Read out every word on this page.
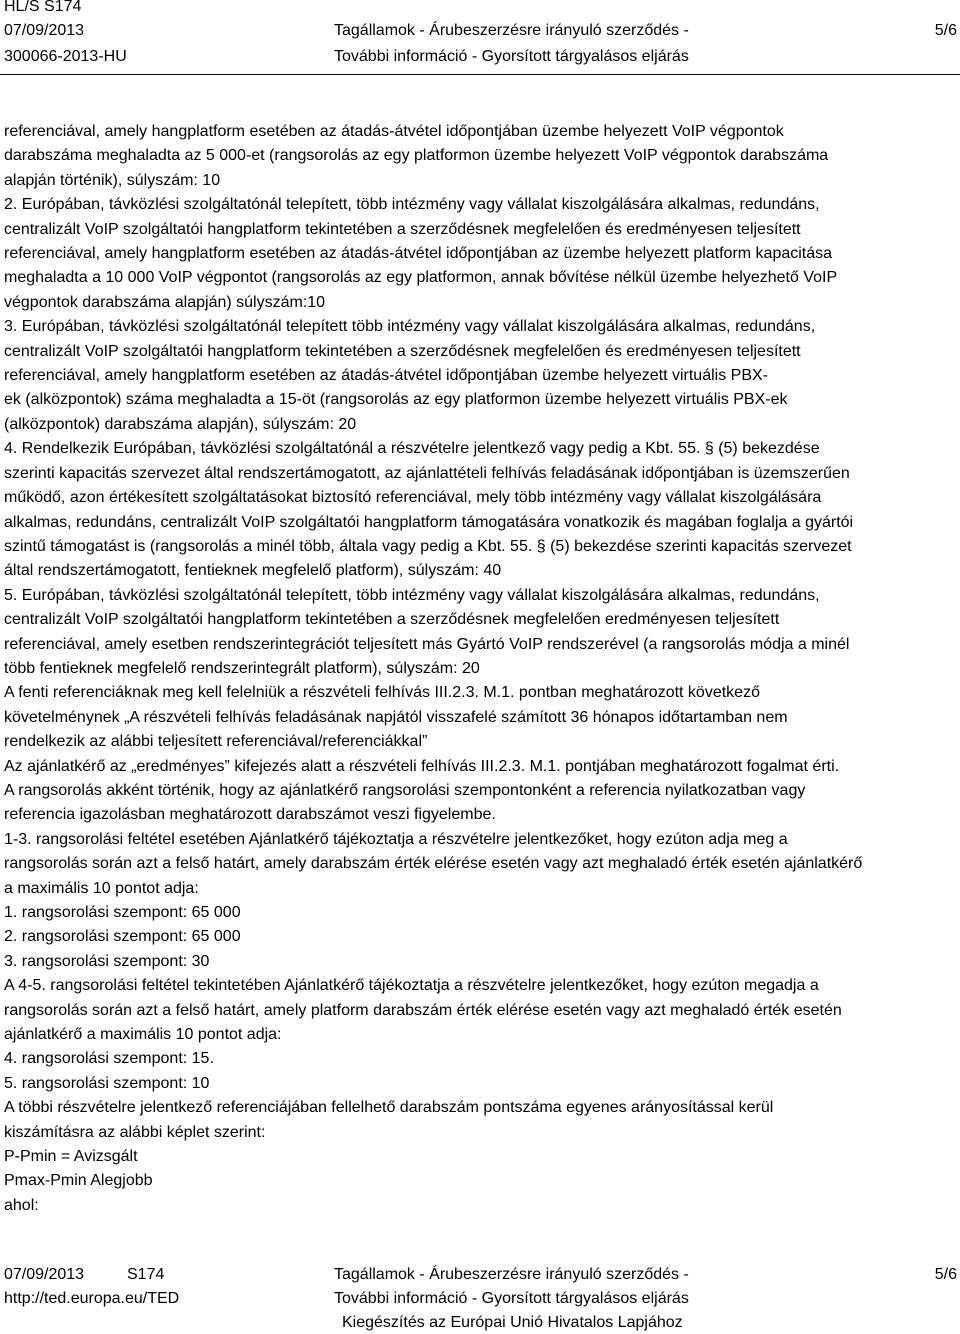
HL/S S174
07/09/2013
300066-2013-HU
Tagállamok - Árubeszerzésre irányuló szerződés -
További információ - Gyorsított tárgyalásos eljárás
5/6

referenciával, amely hangplatform esetében az átadás-átvétel időpontjában üzembe helyezett VoIP végpontok

darabszáma meghaladta az 5 000-et (rangsorolás az egy platformon üzembe helyezett VoIP végpontok darabszáma

alapján történik), súlyszám: 10

2. Európában, távközlési szolgáltatónál telepített, több intézmény vagy vállalat kiszolgálására alkalmas, redundáns,

centralizált VoIP szolgáltatói hangplatform tekintetében a szerződésnek megfelelően és eredményesen teljesített

referenciával, amely hangplatform esetében az átadás-átvétel időpontjában az üzembe helyezett platform kapacitása

meghaladta a 10 000 VoIP végpontot (rangsorolás az egy platformon, annak bővítése nélkül üzembe helyezhető VoIP

végpontok darabszáma alapján) súlyszám:10

3. Európában, távközlési szolgáltatónál telepített több intézmény vagy vállalat kiszolgálására alkalmas, redundáns,

centralizált VoIP szolgáltatói hangplatform tekintetében a szerződésnek megfelelően és eredményesen teljesített

referenciával, amely hangplatform esetében az átadás-átvétel időpontjában üzembe helyezett virtuális PBX-

ek (alközpontok) száma meghaladta a 15-öt (rangsorolás az egy platformon üzembe helyezett virtuális PBX-ek

(alközpontok) darabszáma alapján), súlyszám: 20

4. Rendelkezik Európában, távközlési szolgáltatónál a részvételre jelentkező vagy pedig a Kbt. 55. § (5) bekezdése

szerinti kapacitás szervezet által rendszertámogatott, az ajánlattételi felhívás feladásának időpontjában is üzemszerűen

működő, azon értékesített szolgáltatásokat biztosító referenciával, mely több intézmény vagy vállalat kiszolgálására

alkalmas, redundáns, centralizált VoIP szolgáltatói hangplatform támogatására vonatkozik és magában foglalja a gyártói

szintű támogatást is (rangsorolás a minél több, általa vagy pedig a Kbt. 55. § (5) bekezdése szerinti kapacitás szervezet

által rendszertámogatott, fentieknek megfelelő platform), súlyszám: 40

5. Európában, távközlési szolgáltatónál telepített, több intézmény vagy vállalat kiszolgálására alkalmas, redundáns,

centralizált VoIP szolgáltatói hangplatform tekintetében a szerződésnek megfelelően eredményesen teljesített

referenciával, amely esetben rendszerintegrációt teljesített más Gyártó VoIP rendszerével (a rangsorolás módja a minél

több fentieknek megfelelő rendszerintegrált platform), súlyszám: 20

A fenti referenciáknak meg kell felelniük a részvételi felhívás III.2.3. M.1. pontban meghatározott következő

követelménynek „A részvételi felhívás feladásának napjától visszafelé számított 36 hónapos időtartamban nem

rendelkezik az alábbi teljesített referenciával/referenciákkal”

Az ajánlatkérő az „eredményes” kifejezés alatt a részvételi felhívás III.2.3. M.1. pontjában meghatározott fogalmat érti.

A rangsorolás akként történik, hogy az ajánlatkérő rangsorolási szempontonként a referencia nyilatkozatban vagy

referencia igazolásban meghatározott darabszámot veszi figyelembe.

1-3. rangsorolási feltétel esetében Ajánlatkérő tájékoztatja a részvételre jelentkezőket, hogy ezúton adja meg a

rangsorolás során azt a felső határt, amely darabszám érték elérése esetén vagy azt meghaladó érték esetén ajánlatkérő

a maximális 10 pontot adja:

1. rangsorolási szempont: 65 000

2. rangsorolási szempont: 65 000

3. rangsorolási szempont: 30

A 4-5. rangsorolási feltétel tekintetében Ajánlatkérő tájékoztatja a részvételre jelentkezőket, hogy ezúton megadja a

rangsorolás során azt a felső határt, amely platform darabszám érték elérése esetén vagy azt meghaladó érték esetén

ajánlatkérő a maximális 10 pontot adja:

4. rangsorolási szempont: 15.

5. rangsorolási szempont: 10

A többi részvételre jelentkező referenciájában fellelhető darabszám pontszáma egyenes arányosítással kerül

kiszámításra az alábbi képlet szerint:

P-Pmin = Avizsgált

Pmax-Pmin Alegjobb

ahol:

07/09/2013	S174
http://ted.europa.eu/TED
Tagállamok - Árubeszerzésre irányuló szerződés -
További információ - Gyorsított tárgyalásos eljárás
Kiegészítés az Európai Unió Hivatalos Lapjához
5/6
